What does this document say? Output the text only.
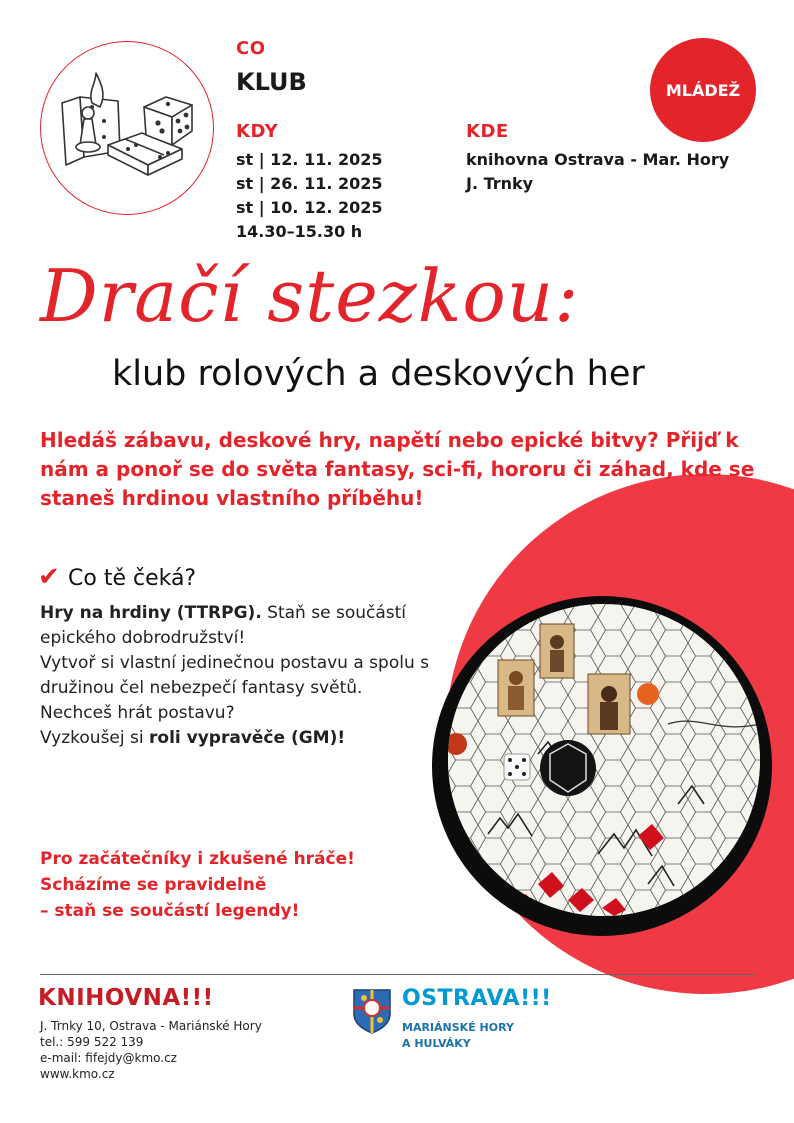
CO
KLUB
KDY
st | 12. 11. 2025
st | 26. 11. 2025
st | 10. 12. 2025
14.30–15.30 h
KDE
knihovna Ostrava - Mar. Hory
J. Trnky
MLÁDEŽ
Dračí stezkou:
klub rolových a deskových her
Hledáš zábavu, deskové hry, napětí nebo epické bitvy? Přijď k nám a ponoř se do světa fantasy, sci-fi, hororu či záhad, kde se staneš hrdinou vlastního příběhu!
✔ Co tě čeká?
Hry na hrdiny (TTRPG). Staň se součástí epického dobrodružství!
Vytvoř si vlastní jedinečnou postavu a spolu s družinou čel nebezpečí fantasy světů.
Nechceš hrát postavu?
Vyzkoušej si roli vypravěče (GM)!
Pro začátečníky i zkušené hráče!
Scházíme se pravidelně
– staň se součástí legendy!
KNIHOVNA!!!
J. Trnky 10, Ostrava - Mariánské Hory
tel.: 599 522 139
e-mail: fifejdy@kmo.cz
www.kmo.cz
OSTRAVA!!!
MARIÁNSKÉ HORY
A HULVÁKY
